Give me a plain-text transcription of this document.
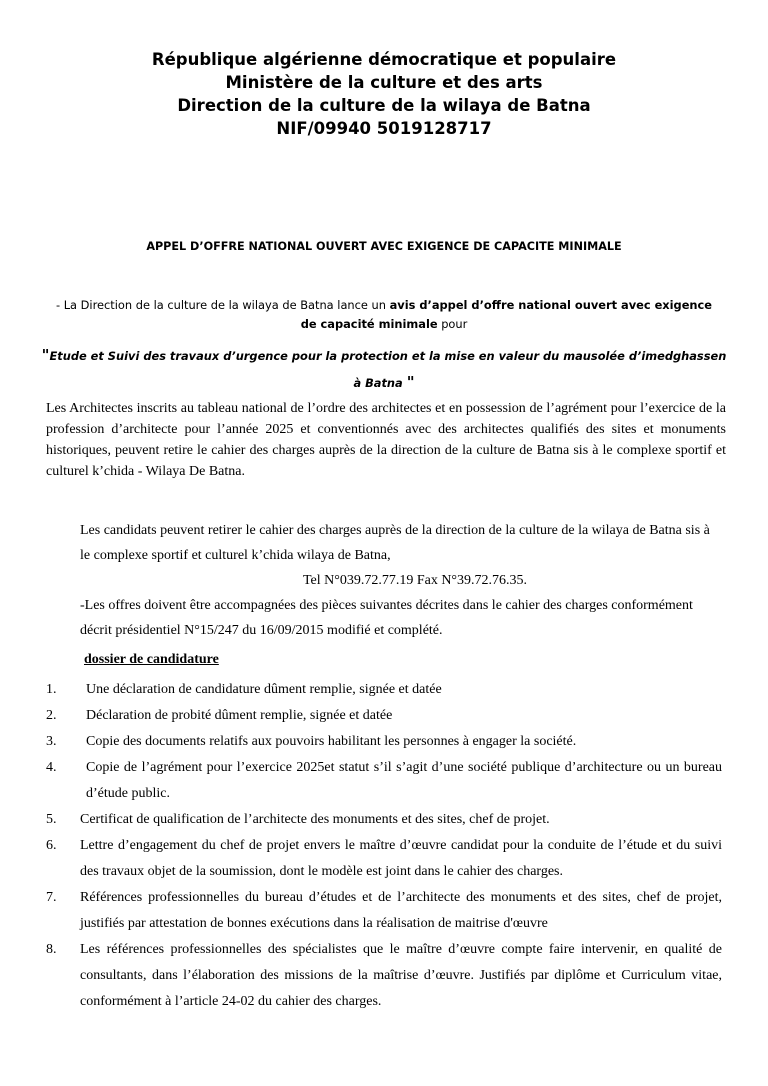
République algérienne démocratique et populaire
Ministère de la culture et des arts
Direction de la culture de la wilaya de Batna
NIF/09940 5019128717
APPEL D’OFFRE NATIONAL OUVERT AVEC EXIGENCE DE CAPACITE MINIMALE
- La Direction de la culture de la wilaya de Batna lance un avis d’appel d’offre national ouvert avec exigence de capacité minimale pour
"Etude et Suivi des travaux d’urgence pour la protection et la mise en valeur du mausolée d’imedghassen à Batna "
Les Architectes inscrits au tableau national de l’ordre des architectes et en possession de l’agrément pour l’exercice de la profession d’architecte pour l’année 2025 et conventionnés avec des architectes qualifiés des sites et monuments historiques, peuvent retire le cahier des charges auprès de la direction de la culture de Batna sis à le complexe sportif et culturel k’chida - Wilaya De Batna.
Les candidats peuvent retirer le cahier des charges auprès de la direction de la culture de la wilaya de Batna sis à le complexe sportif et culturel k’chida wilaya de Batna,
Tel N°039.72.77.19 Fax N°39.72.76.35.
-Les offres doivent être accompagnées des pièces suivantes décrites dans le cahier des charges conformément décrit présidentiel N°15/247 du 16/09/2015 modifié et complété.
dossier de candidature
1. Une déclaration de candidature dûment remplie, signée et datée
2. Déclaration de probité dûment remplie, signée et datée
3. Copie des documents relatifs aux pouvoirs habilitant les personnes à engager la société.
4. Copie de l’agrément pour l’exercice 2025et statut s’il s’agit d’une société publique d’architecture ou un bureau d’étude public.
5. Certificat de qualification de l’architecte des monuments et des sites, chef de projet.
6. Lettre d’engagement du chef de projet envers le maître d’œuvre candidat pour la conduite de l’étude et du suivi des travaux objet de la soumission, dont le modèle est joint dans le cahier des charges.
7. Références professionnelles du bureau d’études et de l’architecte des monuments et des sites, chef de projet, justifiés par attestation de bonnes exécutions dans la réalisation de maitrise d'œuvre
8. Les références professionnelles des spécialistes que le maître d’œuvre compte faire intervenir, en qualité de consultants, dans l’élaboration des missions de la maîtrise d’œuvre. Justifiés par diplôme et Curriculum vitae, conformément à l’article 24-02 du cahier des charges.
